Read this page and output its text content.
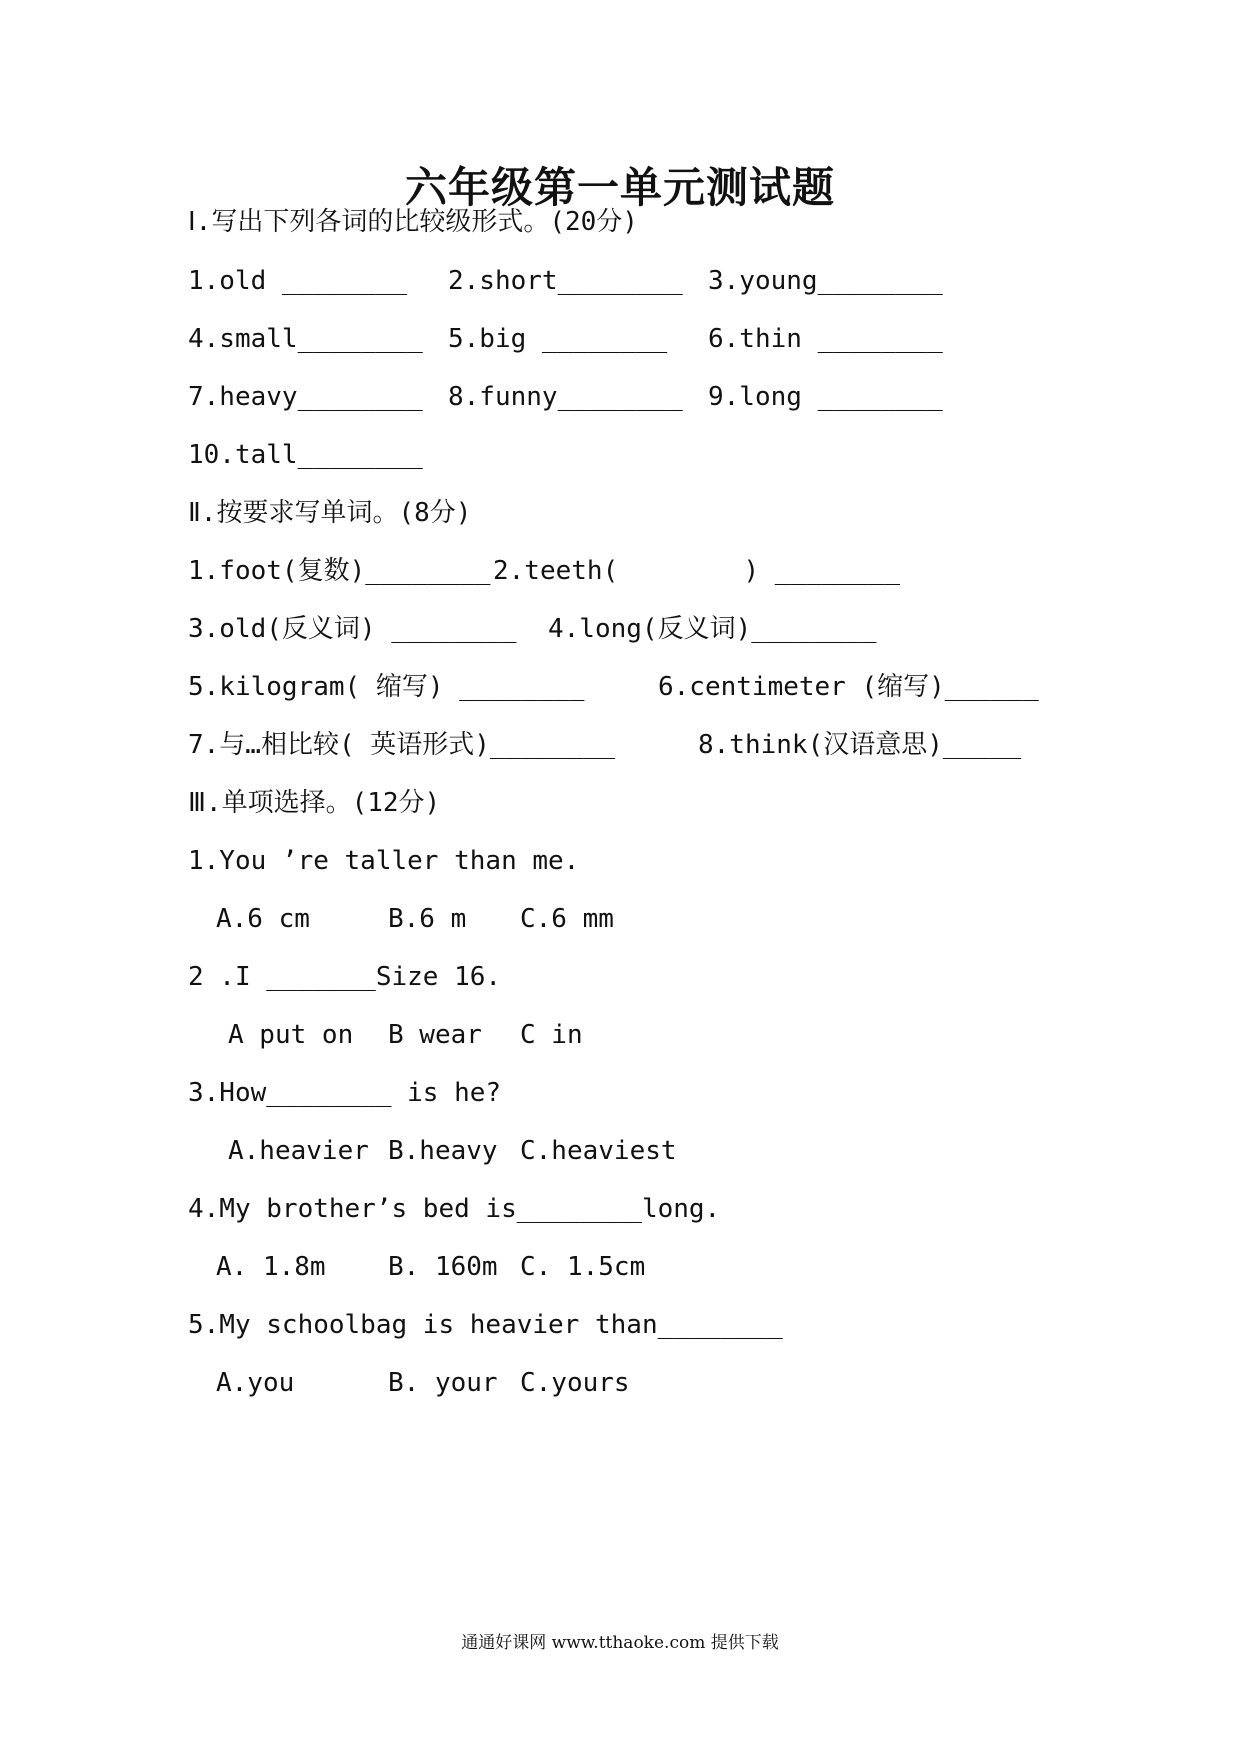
六年级第一单元测试题
Ⅰ.写出下列各词的比较级形式。(20分)

1.old ________

2.short________

3.young________

4.small________

5.big ________

6.thin ________

7.heavy________

8.funny________

9.long ________

10.tall________

Ⅱ.按要求写单词。(8分)

1.foot(复数)________

2.teeth(        ) ________

3.old(反义词) ________

4.long(反义词)________

5.kilogram( 缩写) ________

	6.centimeter (缩写)______

7.与…相比较( 英语形式)________

	8.think(汉语意思)_____

Ⅲ.单项选择。(12分)
1.You ’re taller than me.

A.6 cm

	B.6 m

C.6 mm

2 .I _______Size 16.

A put on

B wear

C in

3.How________ is he?

A.heavier

B.heavy

C.heaviest

4.My brother’s bed is________long.

A. 1.8m

B. 160m

C. 1.5cm

5.My schoolbag is heavier than________

A.you

	B. your

C.yours

通通好课网 www.tthaoke.com 提供下载
